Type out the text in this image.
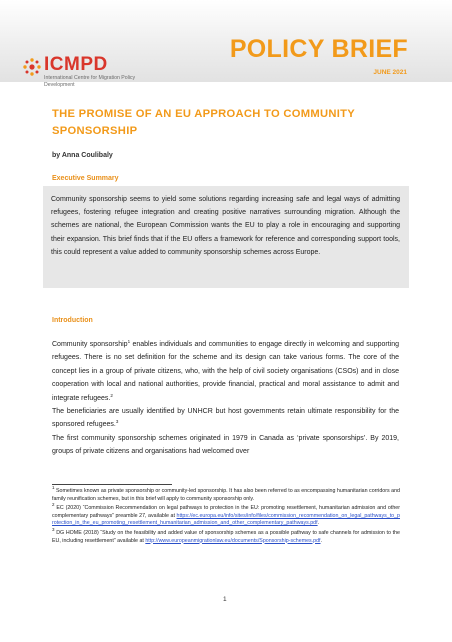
ICMPD
International Centre for Migration Policy Development
POLICY BRIEF
JUNE 2021
THE PROMISE OF AN EU APPROACH TO COMMUNITY SPONSORSHIP
by Anna Coulibaly
Executive Summary
Community sponsorship seems to yield some solutions regarding increasing safe and legal ways of admitting refugees, fostering refugee integration and creating positive narratives surrounding migration. Although the schemes are national, the European Commission wants the EU to play a role in encouraging and supporting their expansion. This brief finds that if the EU offers a framework for reference and corresponding support tools, this could represent a value added to community sponsorship schemes across Europe.
Introduction

Community sponsorship$^1$ enables individuals and communities to engage directly in welcoming and supporting refugees. There is no set definition for the scheme and its design can take various forms. The core of the concept lies in a group of private citizens, who, with the help of civil society organisations (CSOs) and in close cooperation with local and national authorities, provide financial, practical and moral assistance to admit and integrate refugees.$^2$

The beneficiaries are usually identified by UNHCR but host governments retain ultimate responsibility for the sponsored refugees.$^3$

The first community sponsorship schemes originated in 1979 in Canada as ‘private sponsorships’. By 2019, groups of private citizens and organisations had welcomed over

$^1$ Sometimes known as private sponsorship or community-led sponsorship. It has also been referred to as encompassing humanitarian corridors and family reunification schemes, but in this brief will apply to community sponsorship only.

$^2$ EC (2020) “Commission Recommendation on legal pathways to protection in the EU: promoting resettlement, humanitarian admission and other complementary pathways” preamble 27, available at https://ec.europa.eu/info/sites/info/files/commission_recommendation_on_legal_pathways_to_protection_in_the_eu_promoting_resettlement_humanitarian_admission_and_other_complementary_pathways.pdf.

$^3$ DG HOME (2018) “Study on the feasibility and added value of sponsorship schemes as a possible pathway to safe channels for admission to the EU, including resettlement” available at http://www.europeanmigrationlaw.eu/documents/Sponsorship-schemes.pdf.

1
